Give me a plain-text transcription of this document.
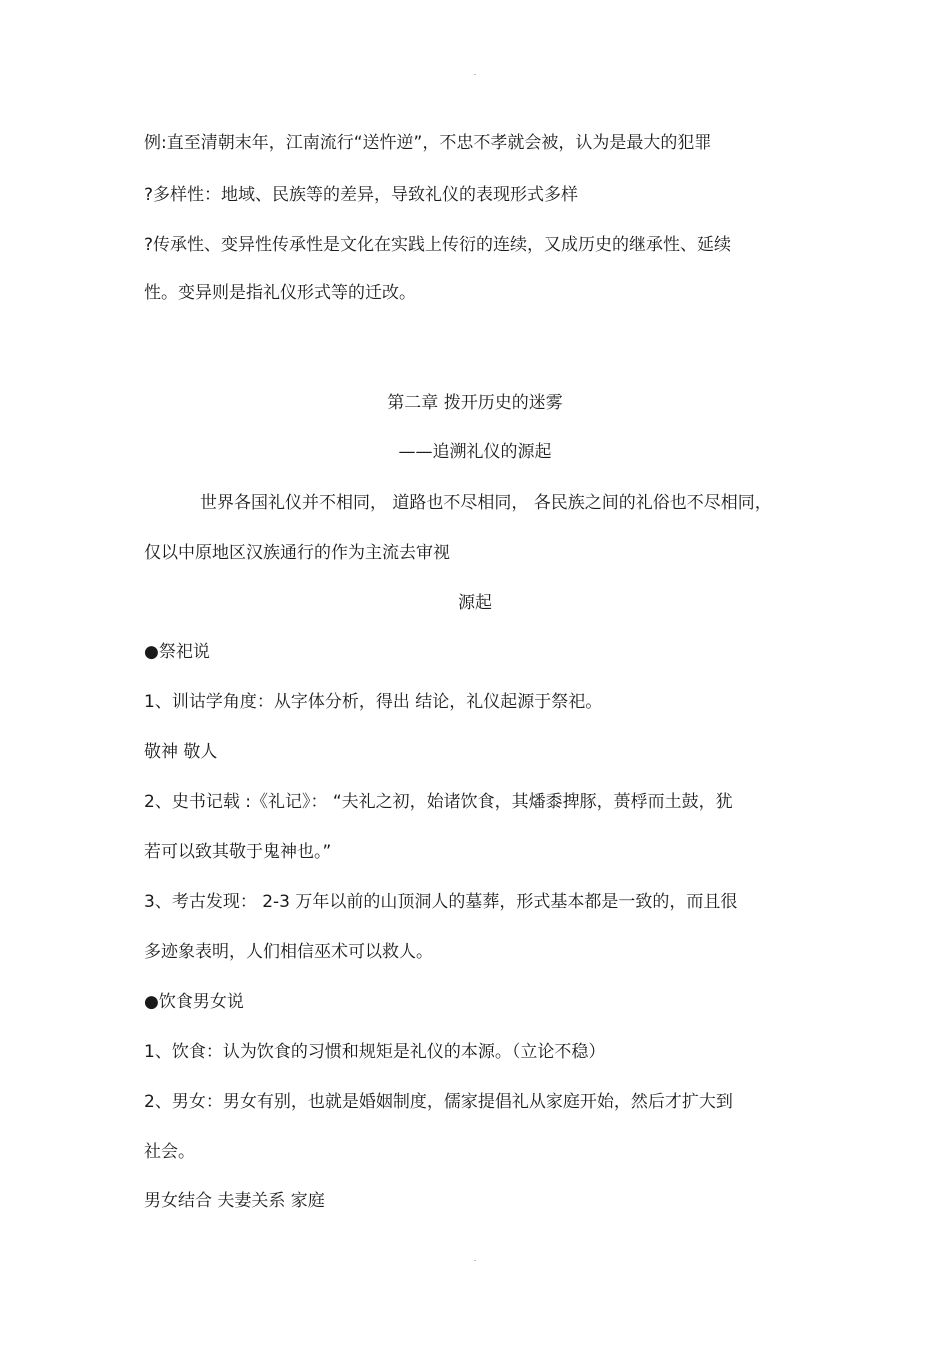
例:直至清朝末年，江南流行“送忤逆”，不忠不孝就会被，认为是最大的犯罪
?多样性：地域、民族等的差异，导致礼仪的表现形式多样
?传承性、变异性传承性是文化在实践上传衍的连续，又成历史的继承性、延续
性。变异则是指礼仪形式等的迁改。
第二章 拨开历史的迷雾
——追溯礼仪的源起
世界各国礼仪并不相同， 道路也不尽相同， 各民族之间的礼俗也不尽相同，
仅以中原地区汉族通行的作为主流去审视
源起
●祭祀说
1、训诂学角度：从字体分析，得出 结论，礼仪起源于祭祀。
敬神 敬人
2、史书记载 :《礼记》： “夫礼之初，始诸饮食，其燔黍捭豚，蒉桴而土鼓，犹
若可以致其敬于鬼神也。”
3、考古发现： 2-3 万年以前的山顶洞人的墓葬，形式基本都是一致的，而且很
多迹象表明，人们相信巫术可以救人。
●饮食男女说
1、饮食：认为饮食的习惯和规矩是礼仪的本源。（立论不稳）
2、男女：男女有别，也就是婚姻制度，儒家提倡礼从家庭开始，然后才扩大到
社会。
男女结合 夫妻关系 家庭
